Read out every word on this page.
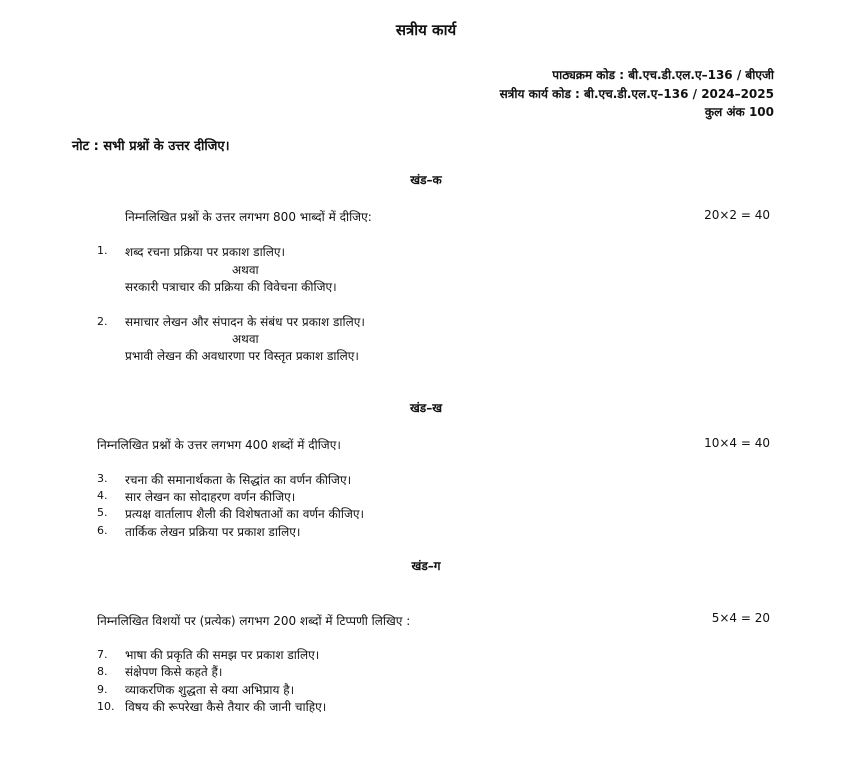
सत्रीय कार्य
पाठ्यक्रम कोड : बी.एच.डी.एल.ए–136 / बीएजी
सत्रीय कार्य कोड : बी.एच.डी.एल.ए–136 / 2024–2025
कुल अंक 100
नोट : सभी प्रश्नों के उत्तर दीजिए।
खंड–क
निम्नलिखित प्रश्नों के उत्तर लगभग 800 भाब्दों में दीजिए:	20×2 = 40
1. शब्द रचना प्रक्रिया पर प्रकाश डालिए।
अथवा
सरकारी पत्राचार की प्रक्रिया की विवेचना कीजिए।
2. समाचार लेखन और संपादन के संबंध पर प्रकाश डालिए।
अथवा
प्रभावी लेखन की अवधारणा पर विस्तृत प्रकाश डालिए।
खंड–ख
निम्नलिखित प्रश्नों के उत्तर लगभग 400 शब्दों में दीजिए।	10×4 = 40
3. रचना की समानार्थकता के सिद्धांत का वर्णन कीजिए।
4. सार लेखन का सोदाहरण वर्णन कीजिए।
5. प्रत्यक्ष वार्तालाप शैली की विशेषताओं का वर्णन कीजिए।
6. तार्किक लेखन प्रक्रिया पर प्रकाश डालिए।
खंड–ग
निम्नलिखित विशयों पर (प्रत्येक) लगभग 200 शब्दों में टिप्पणी लिखिए :	5×4 = 20
7. भाषा की प्रकृति की समझ पर प्रकाश डालिए।
8. संक्षेपण किसे कहते हैं।
9. व्याकरणिक शुद्धता से क्या अभिप्राय है।
10. विषय की रूपरेखा कैसे तैयार की जानी चाहिए।
